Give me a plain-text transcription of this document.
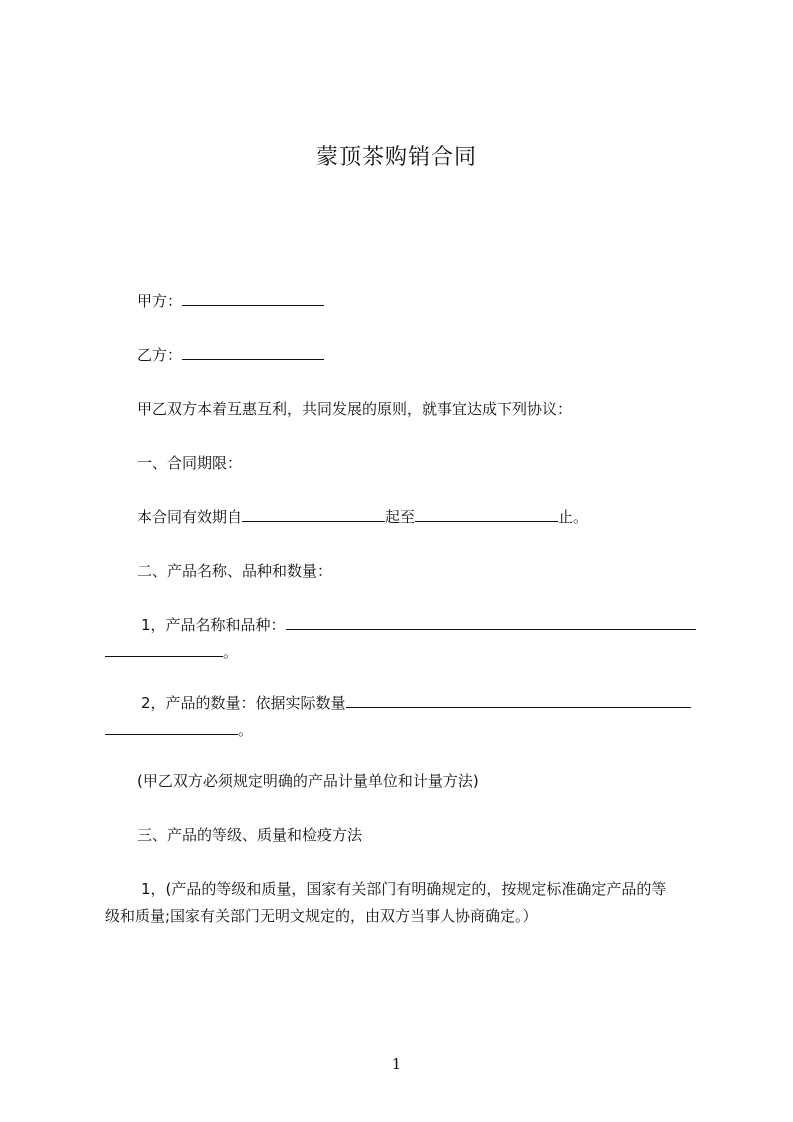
蒙顶茶购销合同
甲方：
乙方：
甲乙双方本着互惠互利，共同发展的原则，就事宜达成下列协议：
一、合同期限：
本合同有效期自	起至	止。
二、产品名称、品种和数量：
1，产品名称和品种：
。
2，产品的数量：依据实际数量
。
(甲乙双方必须规定明确的产品计量单位和计量方法)
三、产品的等级、质量和检疫方法
1，(产品的等级和质量，国家有关部门有明确规定的，按规定标准确定产品的等
级和质量;国家有关部门无明文规定的，由双方当事人协商确定。）
1
